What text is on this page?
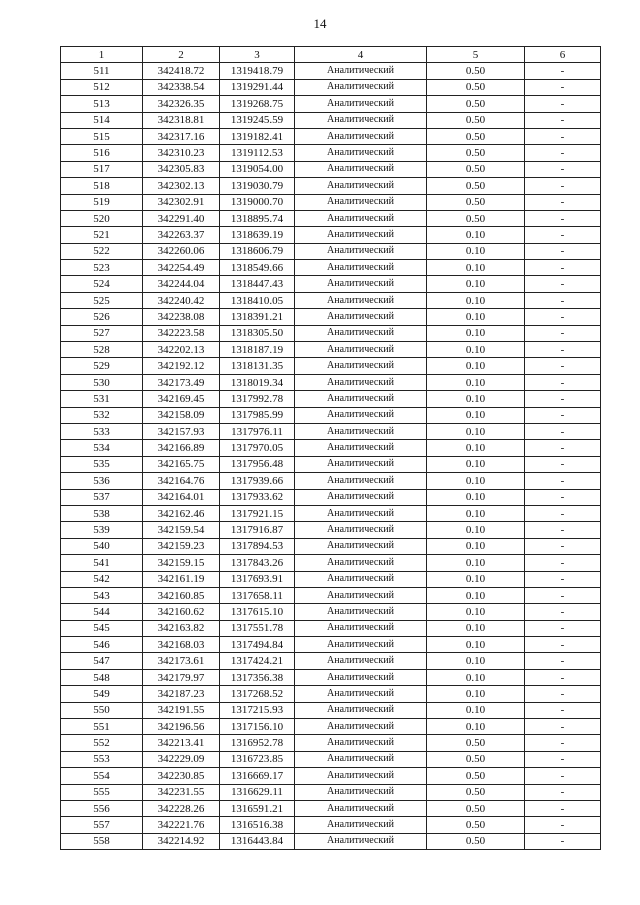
14
1	2	3	4	5	6
511	342418.72	1319418.79	Аналитический	0.50	-
512	342338.54	1319291.44	Аналитический	0.50	-
513	342326.35	1319268.75	Аналитический	0.50	-
514	342318.81	1319245.59	Аналитический	0.50	-
515	342317.16	1319182.41	Аналитический	0.50	-
516	342310.23	1319112.53	Аналитический	0.50	-
517	342305.83	1319054.00	Аналитический	0.50	-
518	342302.13	1319030.79	Аналитический	0.50	-
519	342302.91	1319000.70	Аналитический	0.50	-
520	342291.40	1318895.74	Аналитический	0.50	-
521	342263.37	1318639.19	Аналитический	0.10	-
522	342260.06	1318606.79	Аналитический	0.10	-
523	342254.49	1318549.66	Аналитический	0.10	-
524	342244.04	1318447.43	Аналитический	0.10	-
525	342240.42	1318410.05	Аналитический	0.10	-
526	342238.08	1318391.21	Аналитический	0.10	-
527	342223.58	1318305.50	Аналитический	0.10	-
528	342202.13	1318187.19	Аналитический	0.10	-
529	342192.12	1318131.35	Аналитический	0.10	-
530	342173.49	1318019.34	Аналитический	0.10	-
531	342169.45	1317992.78	Аналитический	0.10	-
532	342158.09	1317985.99	Аналитический	0.10	-
533	342157.93	1317976.11	Аналитический	0.10	-
534	342166.89	1317970.05	Аналитический	0.10	-
535	342165.75	1317956.48	Аналитический	0.10	-
536	342164.76	1317939.66	Аналитический	0.10	-
537	342164.01	1317933.62	Аналитический	0.10	-
538	342162.46	1317921.15	Аналитический	0.10	-
539	342159.54	1317916.87	Аналитический	0.10	-
540	342159.23	1317894.53	Аналитический	0.10	-
541	342159.15	1317843.26	Аналитический	0.10	-
542	342161.19	1317693.91	Аналитический	0.10	-
543	342160.85	1317658.11	Аналитический	0.10	-
544	342160.62	1317615.10	Аналитический	0.10	-
545	342163.82	1317551.78	Аналитический	0.10	-
546	342168.03	1317494.84	Аналитический	0.10	-
547	342173.61	1317424.21	Аналитический	0.10	-
548	342179.97	1317356.38	Аналитический	0.10	-
549	342187.23	1317268.52	Аналитический	0.10	-
550	342191.55	1317215.93	Аналитический	0.10	-
551	342196.56	1317156.10	Аналитический	0.10	-
552	342213.41	1316952.78	Аналитический	0.50	-
553	342229.09	1316723.85	Аналитический	0.50	-
554	342230.85	1316669.17	Аналитический	0.50	-
555	342231.55	1316629.11	Аналитический	0.50	-
556	342228.26	1316591.21	Аналитический	0.50	-
557	342221.76	1316516.38	Аналитический	0.50	-
558	342214.92	1316443.84	Аналитический	0.50	-
